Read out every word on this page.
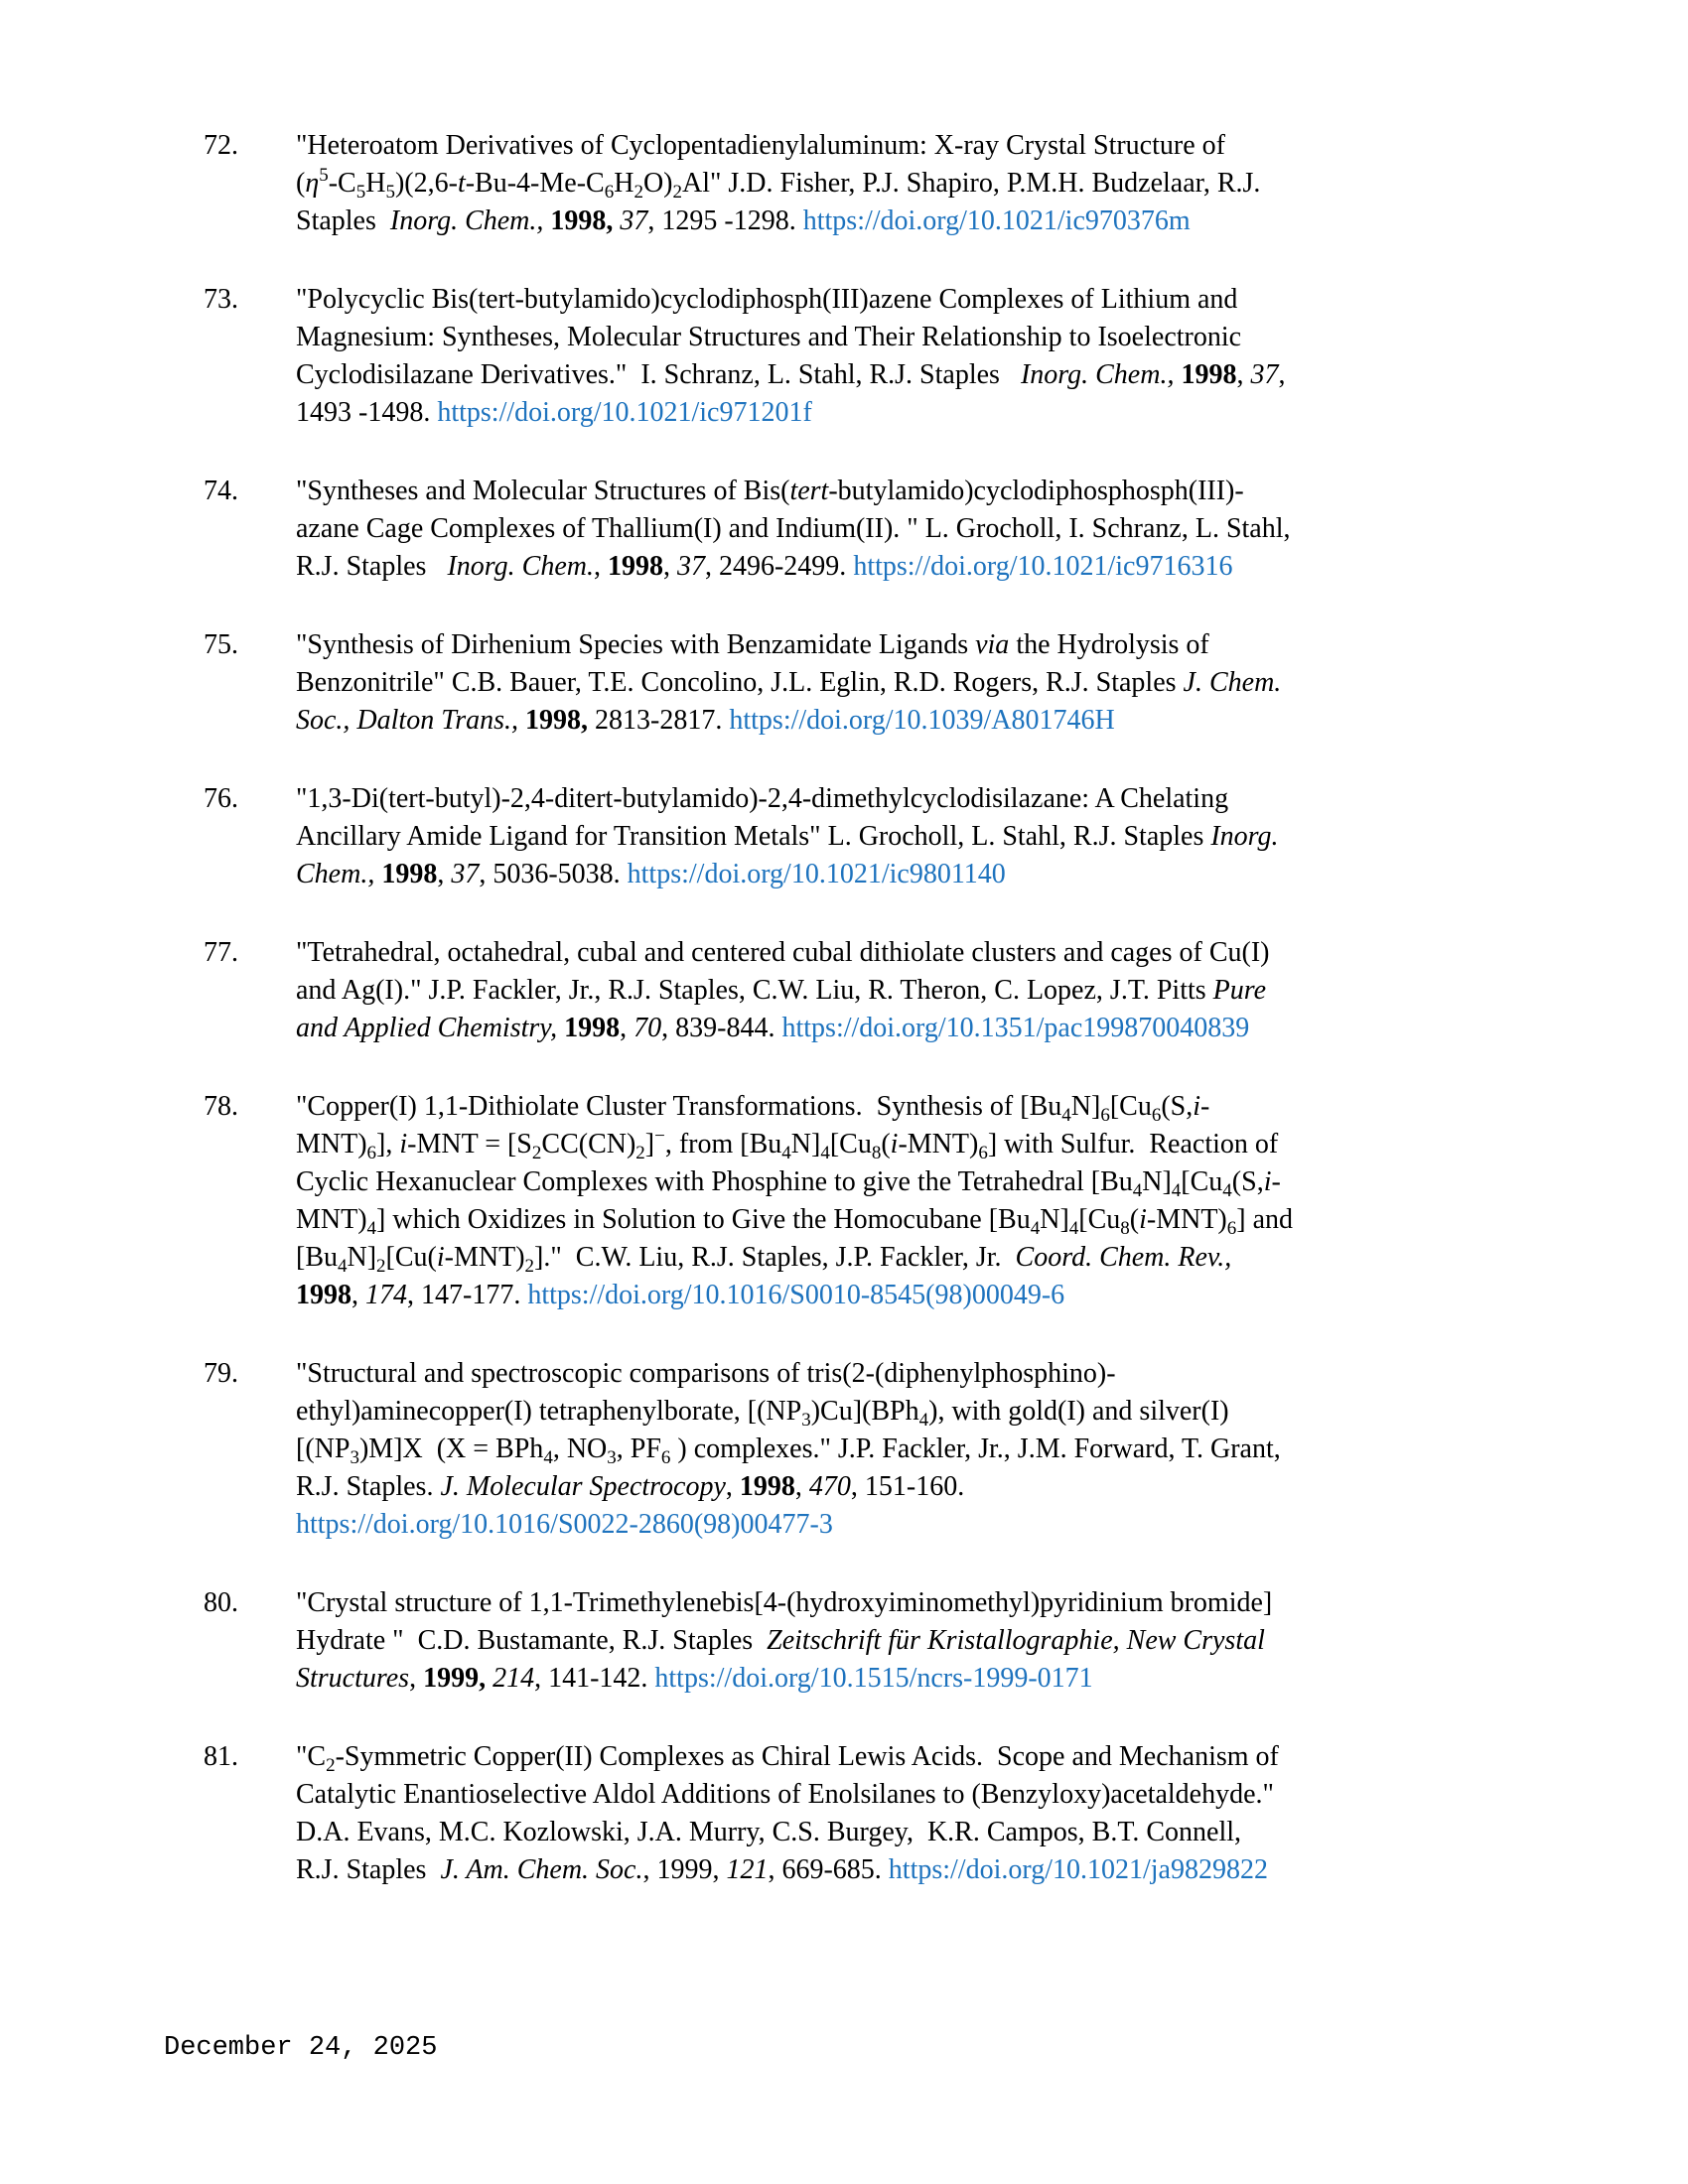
72.	"Heteroatom Derivatives of Cyclopentadienylaluminum: X-ray Crystal Structure of
$(\eta^5-C_5H_5)(2,6-t-Bu-4-Me-C_6H_2O)_2Al$" J.D. Fisher, P.J. Shapiro, P.M.H. Budzelaar, R.J.
Staples  Inorg. Chem., 1998, 37, 1295 -1298. https://doi.org/10.1021/ic970376m
73.	"Polycyclic Bis(tert-butylamido)cyclodiphosph(III)azene Complexes of Lithium and
Magnesium: Syntheses, Molecular Structures and Their Relationship to Isoelectronic
Cyclodisilazane Derivatives."  I. Schranz, L. Stahl, R.J. Staples   Inorg. Chem., 1998, 37,
1493 -1498. https://doi.org/10.1021/ic971201f
74.	"Syntheses and Molecular Structures of Bis(tert-butylamido)cyclodiphosphosph(III)-
azane Cage Complexes of Thallium(I) and Indium(II). " L. Grocholl, I. Schranz, L. Stahl,
R.J. Staples   Inorg. Chem., 1998, 37, 2496-2499. https://doi.org/10.1021/ic9716316
75.	"Synthesis of Dirhenium Species with Benzamidate Ligands via the Hydrolysis of
Benzonitrile" C.B. Bauer, T.E. Concolino, J.L. Eglin, R.D. Rogers, R.J. Staples J. Chem.
Soc., Dalton Trans., 1998, 2813-2817. https://doi.org/10.1039/A801746H
76.	"1,3-Di(tert-butyl)-2,4-ditert-butylamido)-2,4-dimethylcyclodisilazane: A Chelating
Ancillary Amide Ligand for Transition Metals" L. Grocholl, L. Stahl, R.J. Staples Inorg.
Chem., 1998, 37, 5036-5038. https://doi.org/10.1021/ic9801140
77.	"Tetrahedral, octahedral, cubal and centered cubal dithiolate clusters and cages of Cu(I)
and Ag(I)." J.P. Fackler, Jr., R.J. Staples, C.W. Liu, R. Theron, C. Lopez, J.T. Pitts Pure
and Applied Chemistry, 1998, 70, 839-844. https://doi.org/10.1351/pac199870040839
78.	"Copper(I) 1,1-Dithiolate Cluster Transformations.  Synthesis of $[Bu_4N]_6[Cu_6(S,i-$
$MNT)_6$], $i-MNT = [S_2CC(CN)_2]^-$, from $[Bu_4N]_4[Cu_8(i-MNT)_6]$ with Sulfur.  Reaction of
Cyclic Hexanuclear Complexes with Phosphine to give the Tetrahedral $[Bu_4N]_4[Cu_4(S,i-$
$MNT)_4$] which Oxidizes in Solution to Give the Homocubane $[Bu_4N]_4[Cu_8(i-MNT)_6]$ and
$[Bu_4N]_2[Cu(i-MNT)_2]$."  C.W. Liu, R.J. Staples, J.P. Fackler, Jr.  Coord. Chem. Rev.,
1998, 174, 147-177. https://doi.org/10.1016/S0010-8545(98)00049-6
79.	"Structural and spectroscopic comparisons of tris(2-(diphenylphosphino)-
ethyl)aminecopper(I) tetraphenylborate, $[(NP_3)Cu](BPh_4)$, with gold(I) and silver(I)
$[(NP_3)M]X$  (X = BPh$_4$, $NO_3$, $PF_6$ ) complexes." J.P. Fackler, Jr., J.M. Forward, T. Grant,
R.J. Staples. J. Molecular Spectrocopy, 1998, 470, 151-160.
https://doi.org/10.1016/S0022-2860(98)00477-3
80.	"Crystal structure of 1,1-Trimethylenebis[4-(hydroxyiminomethyl)pyridinium bromide]
Hydrate "  C.D. Bustamante, R.J. Staples  Zeitschrift für Kristallographie, New Crystal
Structures, 1999, 214, 141-142. https://doi.org/10.1515/ncrs-1999-0171
81.	"$C_2$-Symmetric Copper(II) Complexes as Chiral Lewis Acids.  Scope and Mechanism of
Catalytic Enantioselective Aldol Additions of Enolsilanes to (Benzyloxy)acetaldehyde."
D.A. Evans, M.C. Kozlowski, J.A. Murry, C.S. Burgey,  K.R. Campos, B.T. Connell,
R.J. Staples  J. Am. Chem. Soc., 1999, 121, 669-685. https://doi.org/10.1021/ja9829822
December 24, 2025
